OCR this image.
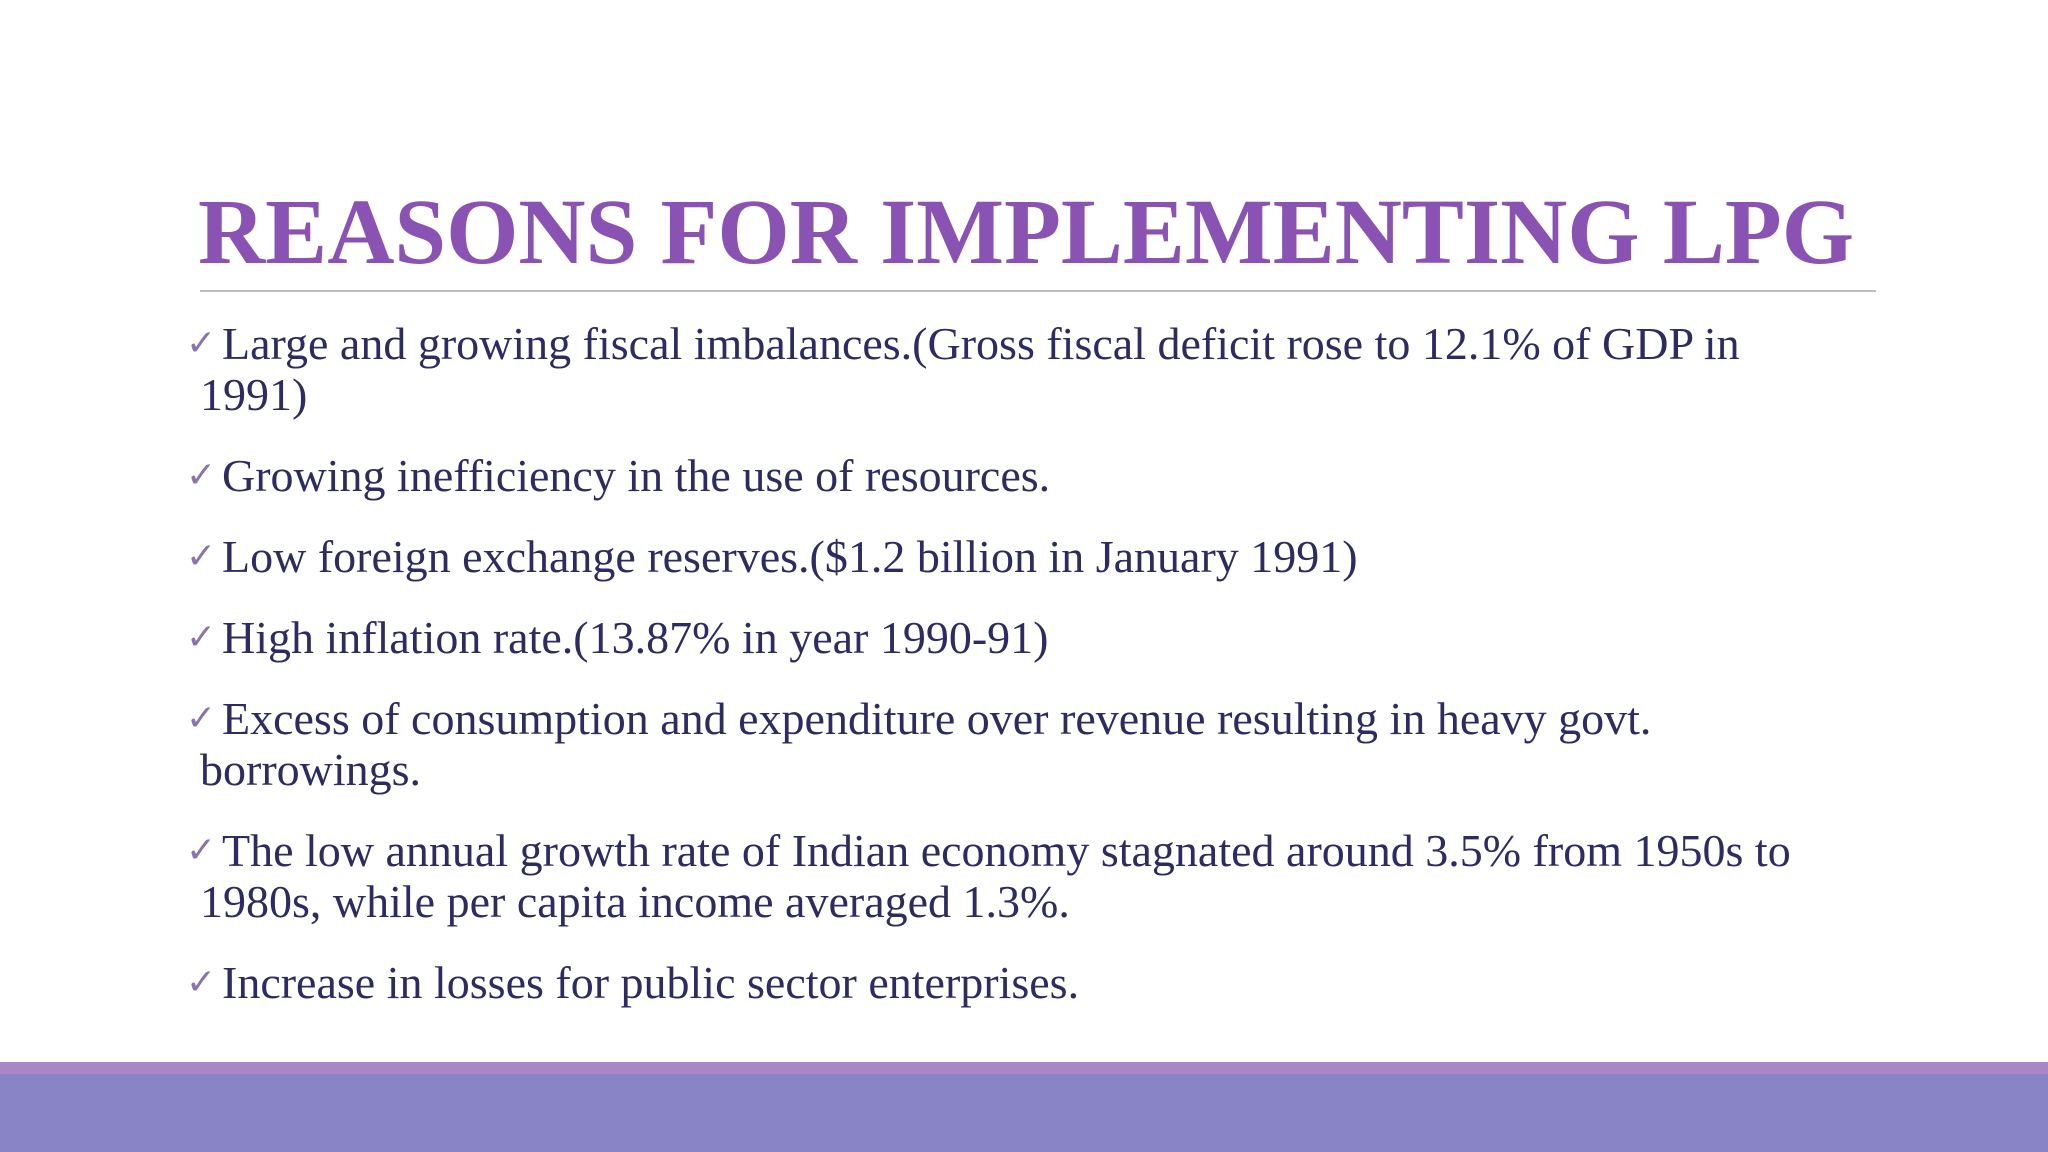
REASONS FOR IMPLEMENTING LPG
✓ Large and growing fiscal imbalances.(Gross fiscal deficit rose to 12.1% of GDP in
1991)
✓ Growing inefficiency in the use of resources.
✓ Low foreign exchange reserves.($1.2 billion in January 1991)
✓ High inflation rate.(13.87% in year 1990-91)
✓ Excess of consumption and expenditure over revenue resulting in heavy govt.
borrowings.
✓ The low annual growth rate of Indian economy stagnated around 3.5% from 1950s to
1980s, while per capita income averaged 1.3%.
✓ Increase in losses for public sector enterprises.
